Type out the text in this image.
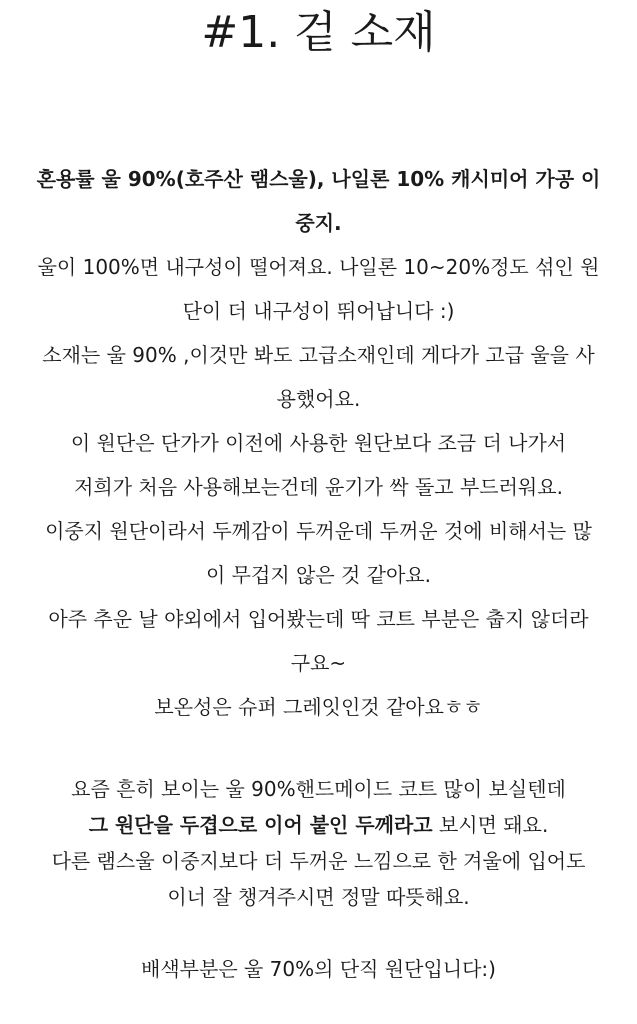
#1. 겉 소재
혼용률 울 90%(호주산 램스울), 나일론 10% 캐시미어 가공 이
중지.
울이 100%면 내구성이 떨어져요. 나일론 10~20%정도 섞인 원
단이 더 내구성이 뛰어납니다 :)
소재는 울 90% ,이것만 봐도 고급소재인데 게다가 고급 울을 사
용했어요.
이 원단은 단가가 이전에 사용한 원단보다 조금 더 나가서
저희가 처음 사용해보는건데 윤기가 싹 돌고 부드러워요.
이중지 원단이라서 두께감이 두꺼운데 두꺼운 것에 비해서는 많
이 무겁지 않은 것 같아요.
아주 추운 날 야외에서 입어봤는데 딱 코트 부분은 춥지 않더라
구요~
보온성은 슈퍼 그레잇인것 같아요ㅎㅎ
요즘 흔히 보이는 울 90%핸드메이드 코트 많이 보실텐데
그 원단을 두겹으로 이어 붙인 두께라고 보시면 돼요.
다른 램스울 이중지보다 더 두꺼운 느낌으로 한 겨울에 입어도
이너 잘 챙겨주시면 정말 따뜻해요.
배색부분은 울 70%의 단직 원단입니다:)
